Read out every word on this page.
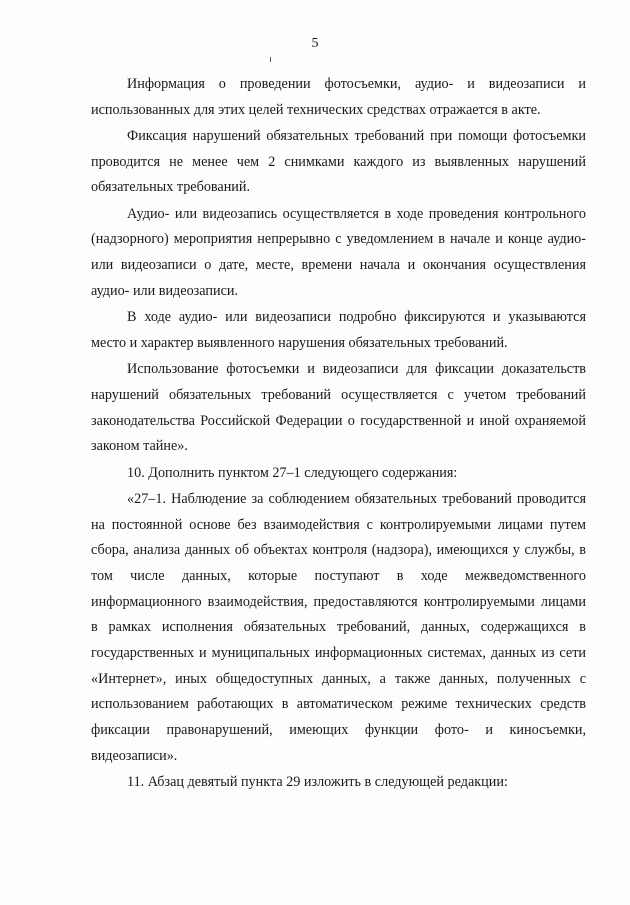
5

Информация о проведении фотосъемки, аудио- и видеозаписи и использованных для этих целей технических средствах отражается в акте.

Фиксация нарушений обязательных требований при помощи фотосъемки проводится не менее чем 2 снимками каждого из выявленных нарушений обязательных требований.

Аудио- или видеозапись осуществляется в ходе проведения контрольного (надзорного) мероприятия непрерывно с уведомлением в начале и конце аудио- или видеозаписи о дате, месте, времени начала и окончания осуществления аудио- или видеозаписи.

В ходе аудио- или видеозаписи подробно фиксируются и указываются место и характер выявленного нарушения обязательных требований.

Использование фотосъемки и видеозаписи для фиксации доказательств нарушений обязательных требований осуществляется с учетом требований законодательства Российской Федерации о государственной и иной охраняемой законом тайне».

10. Дополнить пунктом 27–1 следующего содержания:

«27–1. Наблюдение за соблюдением обязательных требований проводится на постоянной основе без взаимодействия с контролируемыми лицами путем сбора, анализа данных об объектах контроля (надзора), имеющихся у службы, в том числе данных, которые поступают в ходе межведомственного информационного взаимодействия, предоставляются контролируемыми лицами в рамках исполнения обязательных требований, данных, содержащихся в государственных и муниципальных информационных системах, данных из сети «Интернет», иных общедоступных данных, а также данных, полученных с использованием работающих в автоматическом режиме технических средств фиксации правонарушений, имеющих функции фото- и киносъемки, видеозаписи».

11. Абзац девятый пункта 29 изложить в следующей редакции:
